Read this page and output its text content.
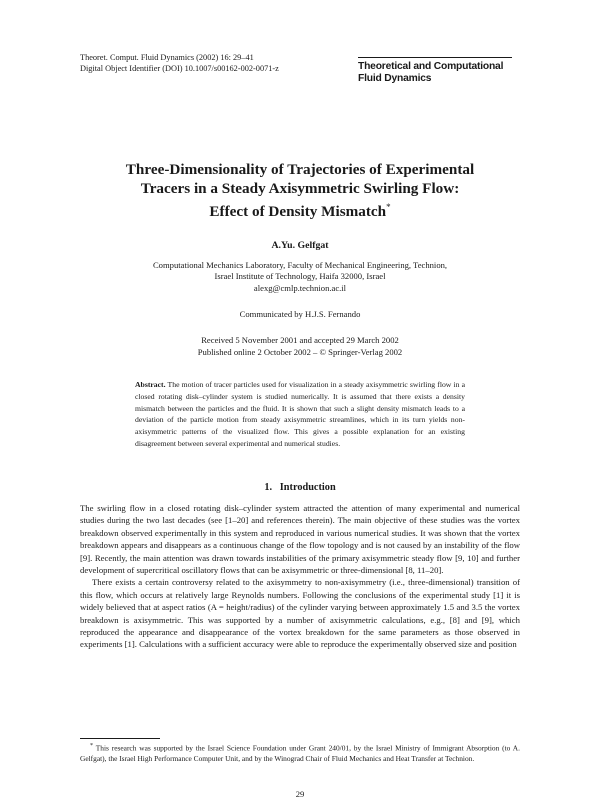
Theoret. Comput. Fluid Dynamics (2002) 16: 29–41
Digital Object Identifier (DOI) 10.1007/s00162-002-0071-z	Theoretical and Computational
Fluid Dynamics
Three-Dimensionality of Trajectories of Experimental
Tracers in a Steady Axisymmetric Swirling Flow:
Effect of Density Mismatch*
A.Yu. Gelfgat
Computational Mechanics Laboratory, Faculty of Mechanical Engineering, Technion,
Israel Institute of Technology, Haifa 32000, Israel
alexg@cmlp.technion.ac.il
Communicated by H.J.S. Fernando
Received 5 November 2001 and accepted 29 March 2002
Published online 2 October 2002 – © Springer-Verlag 2002
Abstract. The motion of tracer particles used for visualization in a steady axisymmetric swirling flow in a closed rotating disk–cylinder system is studied numerically. It is assumed that there exists a density mismatch between the particles and the fluid. It is shown that such a slight density mismatch leads to a deviation of the particle motion from steady axisymmetric streamlines, which in its turn yields non-axisymmetric patterns of the visualized flow. This gives a possible explanation for an existing disagreement between several experimental and numerical studies.
1. Introduction

The swirling flow in a closed rotating disk–cylinder system attracted the attention of many experimental and numerical studies during the two last decades (see [1–20] and references therein). The main objective of these studies was the vortex breakdown observed experimentally in this system and reproduced in various numerical studies. It was shown that the vortex breakdown appears and disappears as a continuous change of the flow topology and is not caused by an instability of the flow [9]. Recently, the main attention was drawn towards instabilities of the primary axisymmetric steady flow [9, 10] and further development of supercritical oscillatory flows that can be axisymmetric or three-dimensional [8, 11–20].

There exists a certain controversy related to the axisymmetry to non-axisymmetry (i.e., three-dimensional) transition of this flow, which occurs at relatively large Reynolds numbers. Following the conclusions of the experimental study [1] it is widely believed that at aspect ratios (A = height/radius) of the cylinder varying between approximately 1.5 and 3.5 the vortex breakdown is axisymmetric. This was supported by a number of axisymmetric calculations, e.g., [8] and [9], which reproduced the appearance and disappearance of the vortex breakdown for the same parameters as those observed in experiments [1]. Calculations with a sufficient accuracy were able to reproduce the experimentally observed size and position

* This research was supported by the Israel Science Foundation under Grant 240/01, by the Israel Ministry of Immigrant Absorption (to A. Gelfgat), the Israel High Performance Computer Unit, and by the Winograd Chair of Fluid Mechanics and Heat Transfer at Technion.
29
